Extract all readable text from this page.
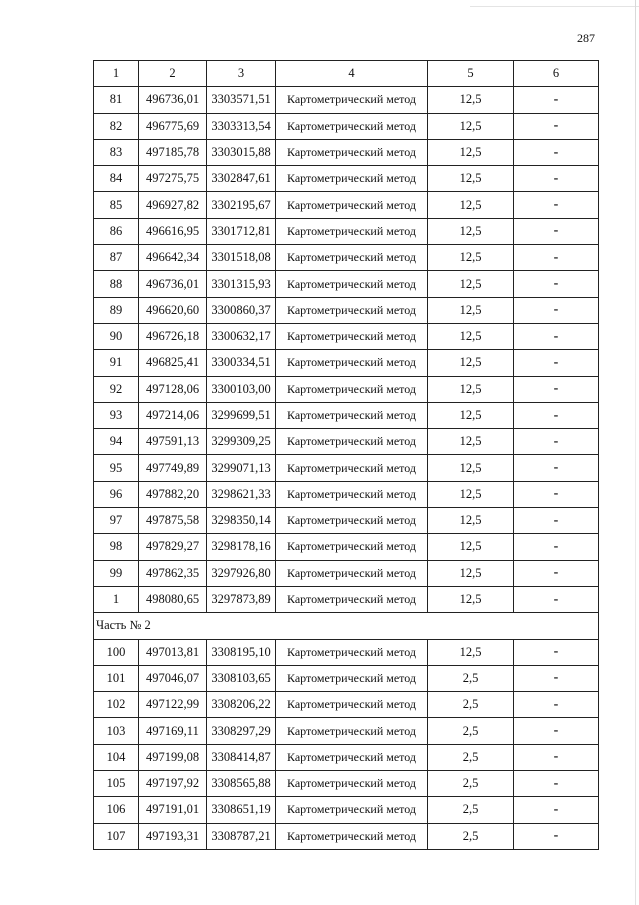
287
1	2	3	4	5	6
81	496736,01	3303571,51	Картометрический метод	12,5	-
82	496775,69	3303313,54	Картометрический метод	12,5	-
83	497185,78	3303015,88	Картометрический метод	12,5	-
84	497275,75	3302847,61	Картометрический метод	12,5	-
85	496927,82	3302195,67	Картометрический метод	12,5	-
86	496616,95	3301712,81	Картометрический метод	12,5	-
87	496642,34	3301518,08	Картометрический метод	12,5	-
88	496736,01	3301315,93	Картометрический метод	12,5	-
89	496620,60	3300860,37	Картометрический метод	12,5	-
90	496726,18	3300632,17	Картометрический метод	12,5	-
91	496825,41	3300334,51	Картометрический метод	12,5	-
92	497128,06	3300103,00	Картометрический метод	12,5	-
93	497214,06	3299699,51	Картометрический метод	12,5	-
94	497591,13	3299309,25	Картометрический метод	12,5	-
95	497749,89	3299071,13	Картометрический метод	12,5	-
96	497882,20	3298621,33	Картометрический метод	12,5	-
97	497875,58	3298350,14	Картометрический метод	12,5	-
98	497829,27	3298178,16	Картометрический метод	12,5	-
99	497862,35	3297926,80	Картометрический метод	12,5	-
1	498080,65	3297873,89	Картометрический метод	12,5	-
Часть № 2					
100	497013,81	3308195,10	Картометрический метод	12,5	-
101	497046,07	3308103,65	Картометрический метод	2,5	-
102	497122,99	3308206,22	Картометрический метод	2,5	-
103	497169,11	3308297,29	Картометрический метод	2,5	-
104	497199,08	3308414,87	Картометрический метод	2,5	-
105	497197,92	3308565,88	Картометрический метод	2,5	-
106	497191,01	3308651,19	Картометрический метод	2,5	-
107	497193,31	3308787,21	Картометрический метод	2,5	-
